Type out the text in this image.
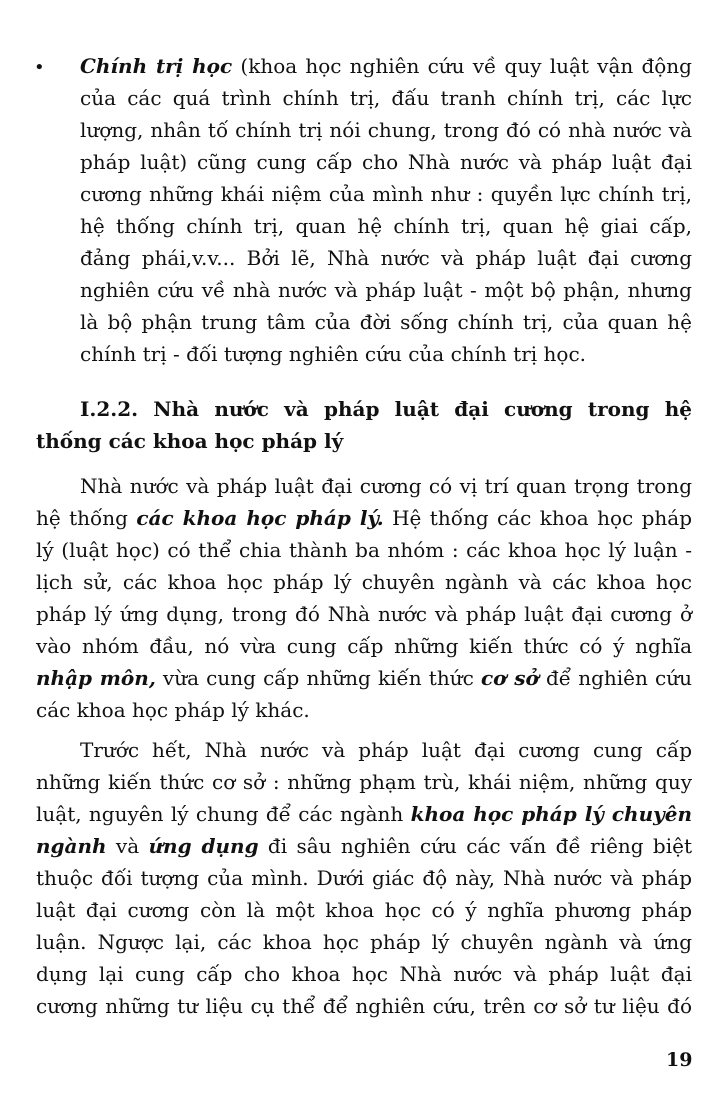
• Chính trị học (khoa học nghiên cứu về quy luật vận động
của các quá trình chính trị, đấu tranh chính trị, các lực
lượng, nhân tố chính trị nói chung, trong đó có nhà nước và
pháp luật) cũng cung cấp cho Nhà nước và pháp luật đại
cương những khái niệm của mình như : quyền lực chính trị,
hệ thống chính trị, quan hệ chính trị, quan hệ giai cấp,
đảng phái,v.v... Bởi lẽ, Nhà nước và pháp luật đại cương
nghiên cứu về nhà nước và pháp luật - một bộ phận, nhưng
là bộ phận trung tâm của đời sống chính trị, của quan hệ
chính trị - đối tượng nghiên cứu của chính trị học.
I.2.2. Nhà nước và pháp luật đại cương trong hệ
thống các khoa học pháp lý
Nhà nước và pháp luật đại cương có vị trí quan trọng trong
hệ thống các khoa học pháp lý. Hệ thống các khoa học pháp
lý (luật học) có thể chia thành ba nhóm : các khoa học lý luận -
lịch sử, các khoa học pháp lý chuyên ngành và các khoa học
pháp lý ứng dụng, trong đó Nhà nước và pháp luật đại cương ở
vào nhóm đầu, nó vừa cung cấp những kiến thức có ý nghĩa
nhập môn, vừa cung cấp những kiến thức cơ sở để nghiên cứu
các khoa học pháp lý khác.
Trước hết, Nhà nước và pháp luật đại cương cung cấp
những kiến thức cơ sở : những phạm trù, khái niệm, những quy
luật, nguyên lý chung để các ngành khoa học pháp lý chuyên
ngành và ứng dụng đi sâu nghiên cứu các vấn đề riêng biệt
thuộc đối tượng của mình. Dưới giác độ này, Nhà nước và pháp
luật đại cương còn là một khoa học có ý nghĩa phương pháp
luận. Ngược lại, các khoa học pháp lý chuyên ngành và ứng
dụng lại cung cấp cho khoa học Nhà nước và pháp luật đại
cương những tư liệu cụ thể để nghiên cứu, trên cơ sở tư liệu đó
19
